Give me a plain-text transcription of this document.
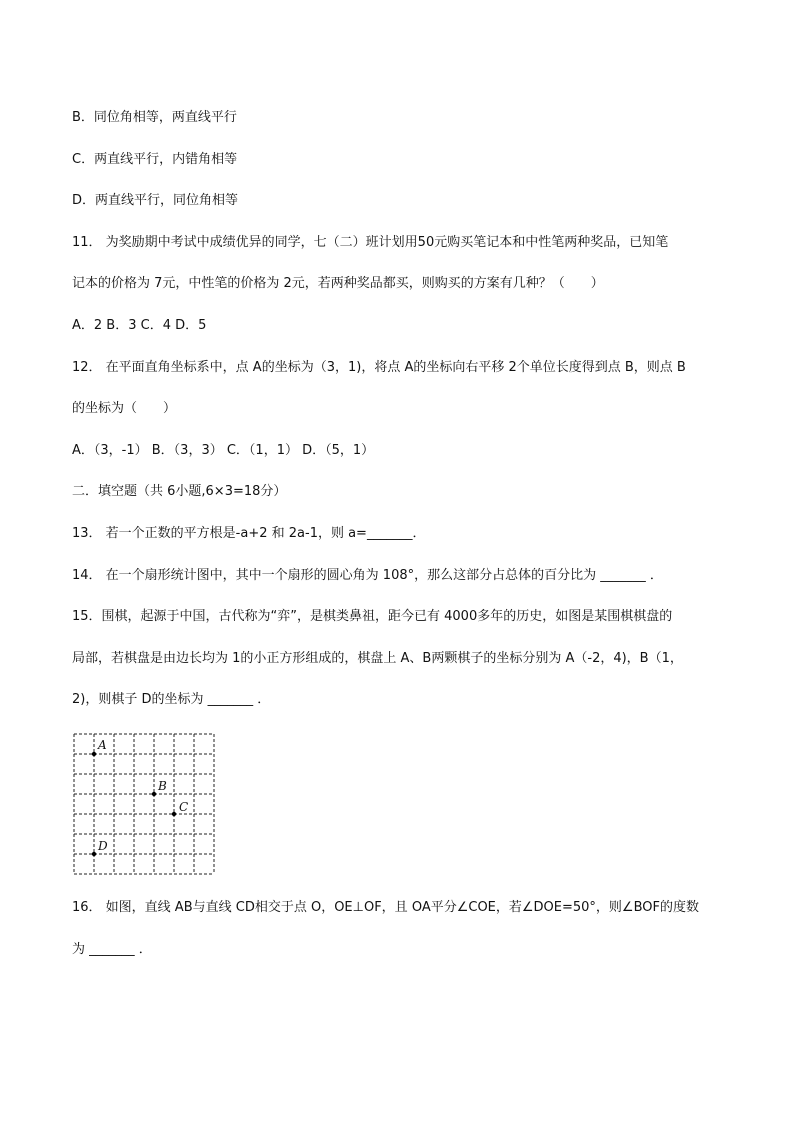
B．同位角相等，两直线平行
C．两直线平行，内错角相等
D．两直线平行，同位角相等
11． 为奖励期中考试中成绩优异的同学，七（二）班计划用50元购买笔记本和中性笔两种奖品，已知笔
记本的价格为 7元，中性笔的价格为 2元，若两种奖品都买，则购买的方案有几种？（　　）
A．2 B．3 C．4 D．5
12． 在平面直角坐标系中，点 A的坐标为（3，1)，将点 A的坐标向右平移 2个单位长度得到点 B，则点 B
的坐标为（　　）
A．（3，-1） B．（3，3） C．（1，1） D．（5，1）
二．填空题（共 6小题,6×3=18分）
13． 若一个正数的平方根是-a+2 和 2a-1，则 a=_______．
14． 在一个扇形统计图中，其中一个扇形的圆心角为 108°，那么这部分占总体的百分比为 _______ ．
15．围棋，起源于中国，古代称为“弈”，是棋类鼻祖，距今已有 4000多年的历史，如图是某围棋棋盘的
局部，若棋盘是由边长均为 1的小正方形组成的，棋盘上 A、B两颗棋子的坐标分别为 A（-2，4)，B（1，
2)，则棋子 D的坐标为 _______ ．
A
B
C
D
16． 如图，直线 AB与直线 CD相交于点 O，OE⊥OF，且 OA平分∠COE，若∠DOE=50°，则∠BOF的度数
为 _______ ．
